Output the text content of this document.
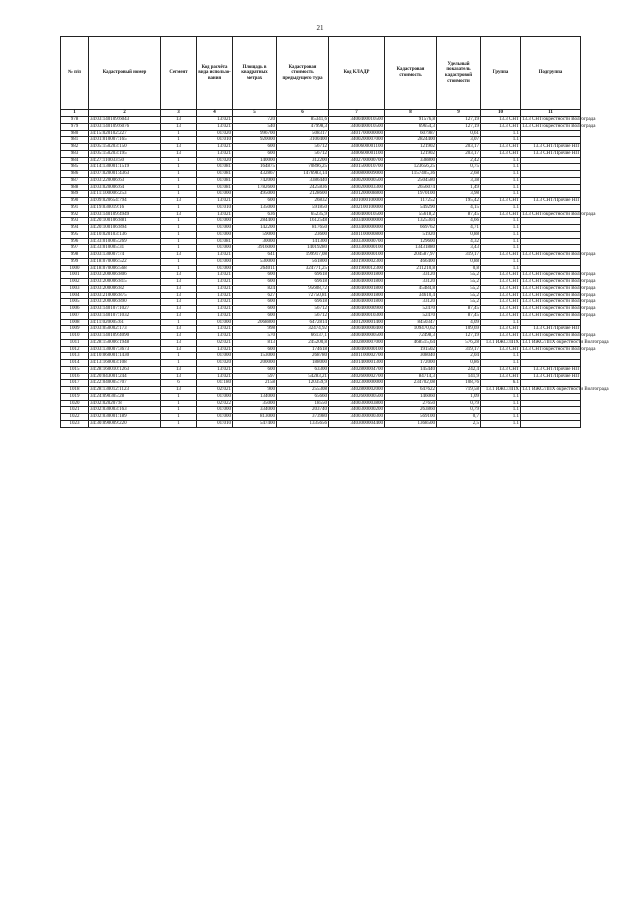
21
№ п/п	Кадастровый номер	Сегмент	Код расчёта вида использо-вания	Площадь в квадратных метрах	Кадастровая стоимость предыдущего тура	Код КЛАДР	Кадастровая стоимость	Удельный показатель кадастровой стоимости	Группа	Подгруппа
1	2	3	4	5	6	7	8	9	10	11
978	34:03:140109:6043	13	13:021	720	85341,6	3400400010500	91576,8	127,19	13.3 СНТ	13.3 СНТ/окрестности Волгограда
979	34:03:140109:6076	13	13:021	540	47998,3	3400400010500	69654,3	127,19	13.3 СНТ	13.3 СНТ/окрестности Волгограда
980	34:15:020102:227	1	01:020	996700	508317	3401700000000	607987	0,61	1.1	
981	34:01:010007:165	1	01:010	920000	3100400	3400200007000	2824400	3,07	1.1	
982	34:05:150203:150	13	13:021	600	56712	3400600001100	121902	203,17	13.3 СНТ	13.3 СНТ/Прочие НП
983	34:05:150203:195	13	13:021	600	56712	3400600001100	121902	203,17	13.3 СНТ	13.3 СНТ/Прочие НП
984	34:27:110033:50	1	01:020	140000	312200	3402700000700	338800	2,42	1.1	
985	34:14:130001:1519	1	01:081	164875	70896,25	3401500010700	123656,25	0,75	1.1	
986	34:07:020001:4363	1	01:081	432867	1476983,14	3400800009000	1157405,36	2,68	1.1	
987	34:03:220006:63	1	01:081	742000	3386440	3400200000500	2504580	3,38	1.1	
988	34:03:020006:64	1	01:081	1782600	2425836	3400200003300	2656074	1,49	1.1	
989	34:11:100006:253	1	01:000	495000	2128600	3401200008800	1970100	3,98	1.1	
990	34:09:020654:794	13	13:021	600	26832	3401000100000	117252	195,42	13.3 СНТ	13.3 СНТ/Прочие НП
991	34:19:030019:16	1	01:010	135000	591850	3402100100000	549290	4,15	1.1	
992	34:03:140109:4949	13	13:021	636	65235,9	3400400010500	55618,2	87,45	13.3 СНТ	13.3 СНТ/окрестности Волгограда
993	34:20:100106:881	1	01:000	284400	1612548	3403400000000	1325304	4,66	1.1	
994	34:20:100106:894	1	01:000	142200	817650	3403400000000	669762	4,71	1.1	
995	34:10:020103:136	1	01:000	59000	23600	3401100000800	51920	0,88	1.1	
996	34:33:010005:269	1	01:081	30000	141300	3403300000700	129600	4,32	1.1	
997	34:33:010005:31	1	01:000	3916000	14019280	3403300000100	13431880	3,43	1.1	
998	34:03:130007:74	13	13:021	641	199917,08	3400400000100	204587,97	319,17	13.3 СНТ	13.3 СНТ/окрестности Волгограда
999	34:18:070006:522	1	01:000	530000	561800	3401900002300	466400	0,88	1.1	
1000	34:18:070006:568	1	01:000	264011	324771,25	3401900012300	211210,8	0,8	1.1	
1001	34:03:200006:806	13	13:021	600	69618	3400400001800	33120	55,2	13.3 СНТ	13.3 СНТ/окрестности Волгограда
1002	34:03:200006:815	13	13:021	600	69618	3400400001800	33120	55,2	13.3 СНТ	13.3 СНТ/окрестности Волгограда
1003	34:03:200006:82	13	13:021	824	95608,72	3400400001800	45484,8	55,2	13.3 СНТ	13.3 СНТ/окрестности Волгограда
1004	34:03:210006:875	13	13:021	627	72750,81	3400400001800	34610,4	55,2	13.3 СНТ	13.3 СНТ/окрестности Волгограда
1005	34:03:200006:890	13	13:021	600	69618	3400400001800	33120	55,2	13.3 СНТ	13.3 СНТ/окрестности Волгограда
1006	34:03:140107:1027	13	13:021	600	56712	3400400000900	52470	87,45	13.3 СНТ	13.3 СНТ/окрестности Волгограда
1007	34:03:140107:1032	13	13:021	600	56712	3400400010300	52470	87,45	13.3 СНТ	13.3 СНТ/окрестности Волгограда
1008	34:11:020005:61	1	01:000	2068800	6472814	3401200001400	8450347	4,09	1.1	
1009	34:03:050002:173	13	13:021	998	32474,92	3400400000400	109470,62	109,69	13.3 СНТ	13.3 СНТ/Прочие НП
1010	34:03:140109:4090	13	13:021	570	66137,1	3400400000500	72498,3	127,19	13.3 СНТ	13.3 СНТ/окрестности Волгограда
1011	34:28:150006:1948	13	02:021	813	245200,8	3402800007000	468515,64	576,28	13.1 ИЖС/ЛПХ	13.1 ИЖС/ЛПХ окрестности Волгограда
1012	34:03:130007:3673	13	13:021	600	174618	3400400000100	191502	319,17	13.3 СНТ	13.3 СНТ/окрестности Волгограда
1013	34:10:060001:1430	1	01:000	153000	268780	3401100002700	308040	2,04	1.1	
1014	34:13:160003:108	1	01:020	200000	188000	3401400001300	172000	0,86	1.1	
1015	34:28:160010:1263	13	13:021	600	63300	3402800004700	145440	242,4	13.3 СНТ	13.3 СНТ/Прочие НП
1016	34:20:043001:244	13	13:021	597	54283,21	3402600002700	84714,3	141,9	13.3 СНТ	13.3 СНТ/Прочие НП
1017	34:22:040005:707	6	01:180	2158	120359,9	3402300000000	234702,08	108,76	6.1	
1018	34:28:130012:1123	13	02:021	900	255308	3402800002000	647622	719,58	13.1 ИЖС/ЛПХ	13.1 ИЖС/ЛПХ окрестности Волгограда
1019	34:24:090305:28	1	01:000	134000	65660	3402600000500	146060	1,09	1.1	
1020	34:02:020207:8	1	02:022	35000	18550	3400300003800	27650	0,79	1.1	
1021	34:02:030003:163	1	01:000	334000	203740	3400300000200	263860	0,79	1.1	
1022	34:02:030001:189	1	01:000	813000	373980	3400300000300	569100	0,7	1.1	
1023	34:30:090009:220	1	01:010	547400	1335656	3403000004400	1368500	2,5	1.1	
